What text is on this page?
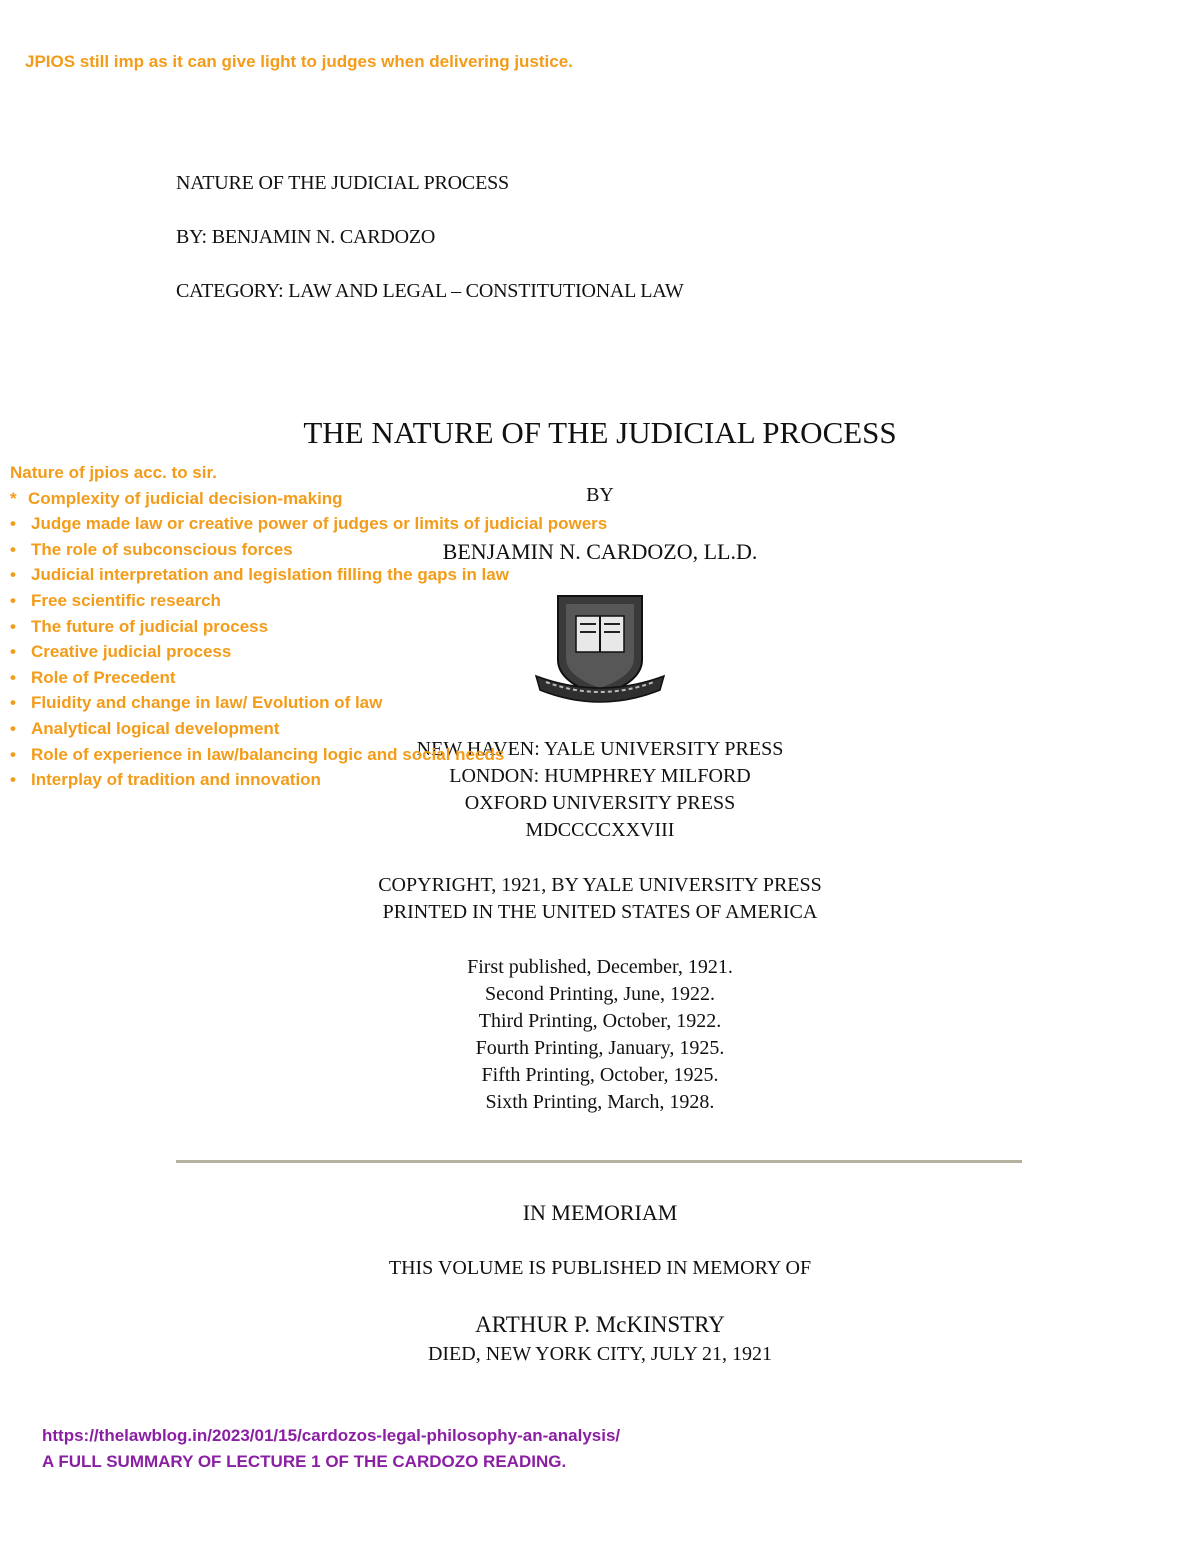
JPIOS still imp as it can give light to judges when delivering justice.
NATURE OF THE JUDICIAL PROCESS
BY: BENJAMIN N. CARDOZO
CATEGORY: LAW AND LEGAL – CONSTITUTIONAL LAW
THE NATURE OF THE JUDICIAL PROCESS
BY
BENJAMIN N. CARDOZO, LL.D.
NEW HAVEN: YALE UNIVERSITY PRESS
LONDON: HUMPHREY MILFORD
OXFORD UNIVERSITY PRESS
MDCCCCXXVIII
COPYRIGHT, 1921, BY YALE UNIVERSITY PRESS
PRINTED IN THE UNITED STATES OF AMERICA
First published, December, 1921.
Second Printing, June, 1922.
Third Printing, October, 1922.
Fourth Printing, January, 1925.
Fifth Printing, October, 1925.
Sixth Printing, March, 1928.
Nature of jpios acc. to sir.
* Complexity of judicial decision-making
• Judge made law or creative power of judges or limits of judicial powers
• The role of subconscious forces
• Judicial interpretation and legislation filling the gaps in law
• Free scientific research
• The future of judicial process
• Creative judicial process
• Role of Precedent
• Fluidity and change in law/ Evolution of law
• Analytical logical development
• Role of experience in law/balancing logic and social needs
• Interplay of tradition and innovation
IN MEMORIAM
THIS VOLUME IS PUBLISHED IN MEMORY OF
ARTHUR P. McKINSTRY
DIED, NEW YORK CITY, JULY 21, 1921
https://thelawblog.in/2023/01/15/cardozos-legal-philosophy-an-analysis/
A FULL SUMMARY OF LECTURE 1 OF THE CARDOZO READING.
